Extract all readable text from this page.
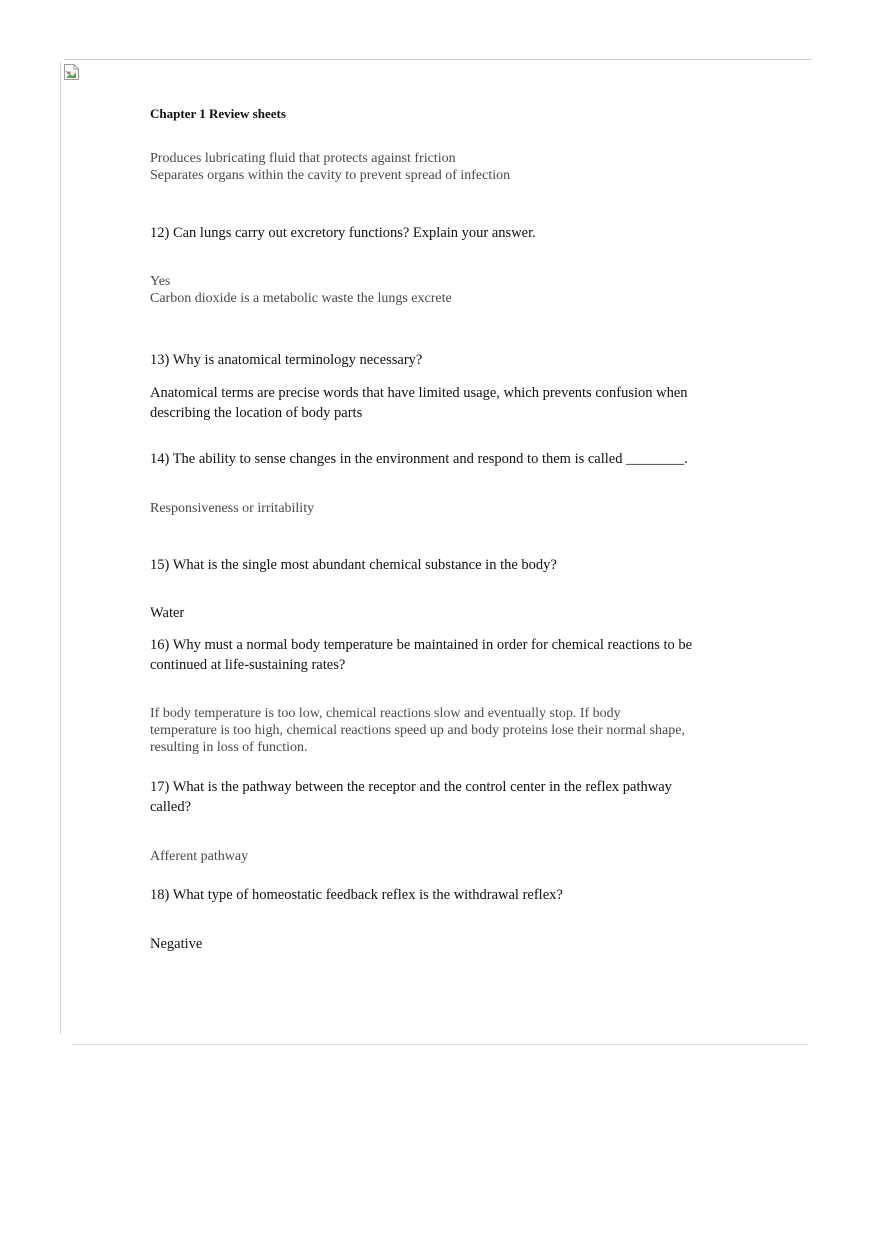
Chapter 1 Review sheets

Produces lubricating fluid that protects against friction

Separates organs within the cavity to prevent spread of infection

12) Can lungs carry out excretory functions? Explain your answer.

Yes

Carbon dioxide is a metabolic waste the lungs excrete

13) Why is anatomical terminology necessary?

Anatomical terms are precise words that have limited usage, which prevents confusion when

describing the location of body parts

14) The ability to sense changes in the environment and respond to them is called ________.

Responsiveness or irritability

15) What is the single most abundant chemical substance in the body?

Water

16) Why must a normal body temperature be maintained in order for chemical reactions to be

continued at life-sustaining rates?

If body temperature is too low, chemical reactions slow and eventually stop. If body

temperature is too high, chemical reactions speed up and body proteins lose their normal shape,

resulting in loss of function.

17) What is the pathway between the receptor and the control center in the reflex pathway

called?

Afferent pathway

18) What type of homeostatic feedback reflex is the withdrawal reflex?

Negative
